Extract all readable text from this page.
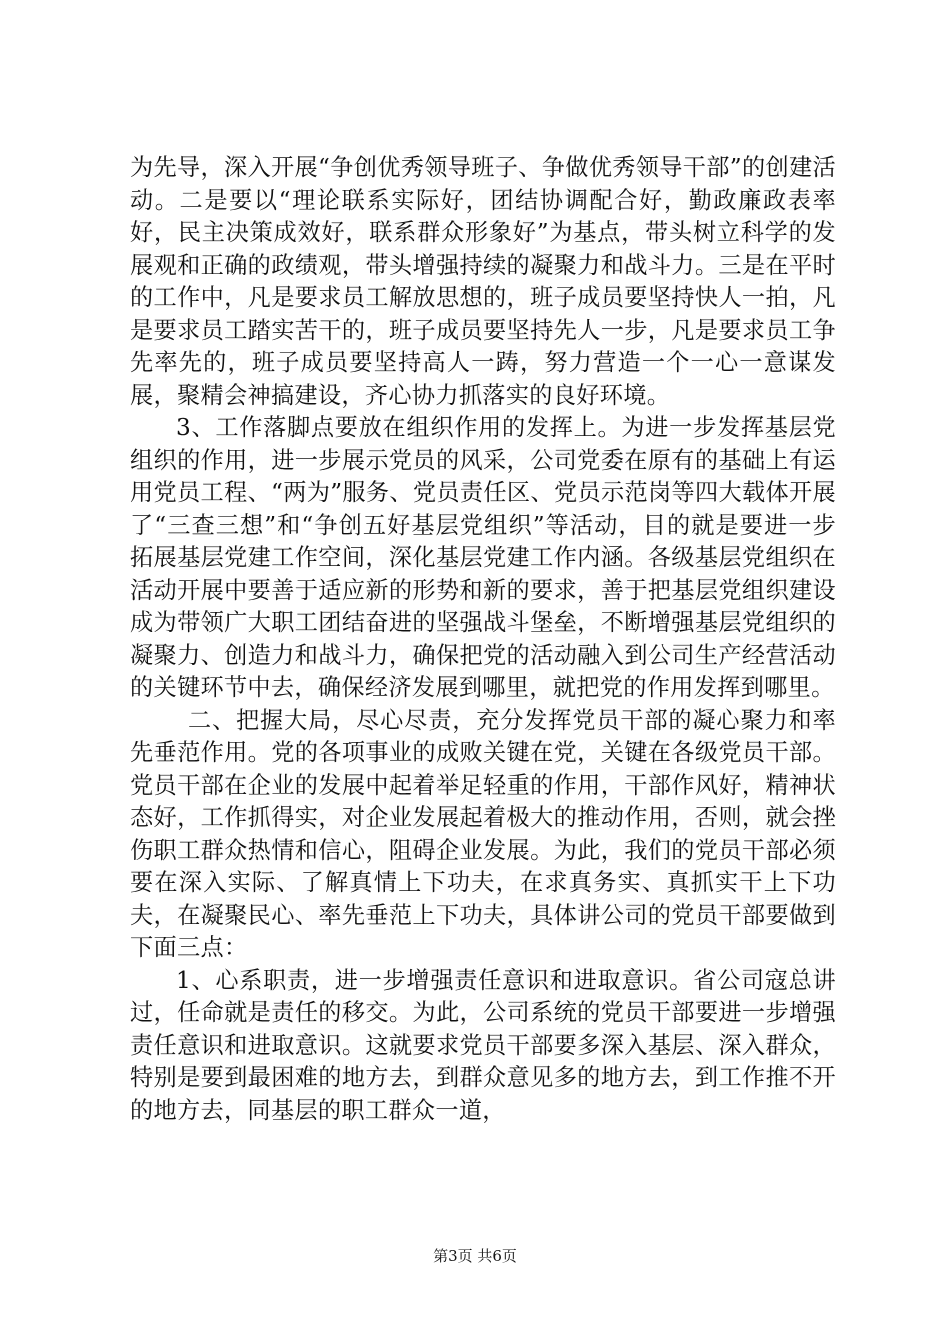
为先导，深入开展“争创优秀领导班子、争做优秀领导干部”的创建活动。二是要以“理论联系实际好，团结协调配合好，勤政廉政表率好，民主决策成效好，联系群众形象好”为基点，带头树立科学的发展观和正确的政绩观，带头增强持续的凝聚力和战斗力。三是在平时的工作中，凡是要求员工解放思想的，班子成员要坚持快人一拍，凡是要求员工踏实苦干的，班子成员要坚持先人一步，凡是要求员工争先率先的，班子成员要坚持高人一踌，努力营造一个一心一意谋发展，聚精会神搞建设，齐心协力抓落实的良好环境。

3、工作落脚点要放在组织作用的发挥上。为进一步发挥基层党组织的作用，进一步展示党员的风采，公司党委在原有的基础上有运用党员工程、“两为”服务、党员责任区、党员示范岗等四大载体开展了“三查三想”和“争创五好基层党组织”等活动，目的就是要进一步拓展基层党建工作空间，深化基层党建工作内涵。各级基层党组织在活动开展中要善于适应新的形势和新的要求，善于把基层党组织建设成为带领广大职工团结奋进的坚强战斗堡垒，不断增强基层党组织的凝聚力、创造力和战斗力，确保把党的活动融入到公司生产经营活动的关键环节中去，确保经济发展到哪里，就把党的作用发挥到哪里。

二、把握大局，尽心尽责，充分发挥党员干部的凝心聚力和率先垂范作用。党的各项事业的成败关键在党，关键在各级党员干部。党员干部在企业的发展中起着举足轻重的作用，干部作风好，精神状态好，工作抓得实，对企业发展起着极大的推动作用，否则，就会挫伤职工群众热情和信心，阻碍企业发展。为此，我们的党员干部必须要在深入实际、了解真情上下功夫，在求真务实、真抓实干上下功夫，在凝聚民心、率先垂范上下功夫，具体讲公司的党员干部要做到下面三点：

1、心系职责，进一步增强责任意识和进取意识。省公司寇总讲过，任命就是责任的移交。为此，公司系统的党员干部要进一步增强责任意识和进取意识。这就要求党员干部要多深入基层、深入群众，特别是要到最困难的地方去，到群众意见多的地方去，到工作推不开的地方去，同基层的职工群众一道，

第3页 共6页
